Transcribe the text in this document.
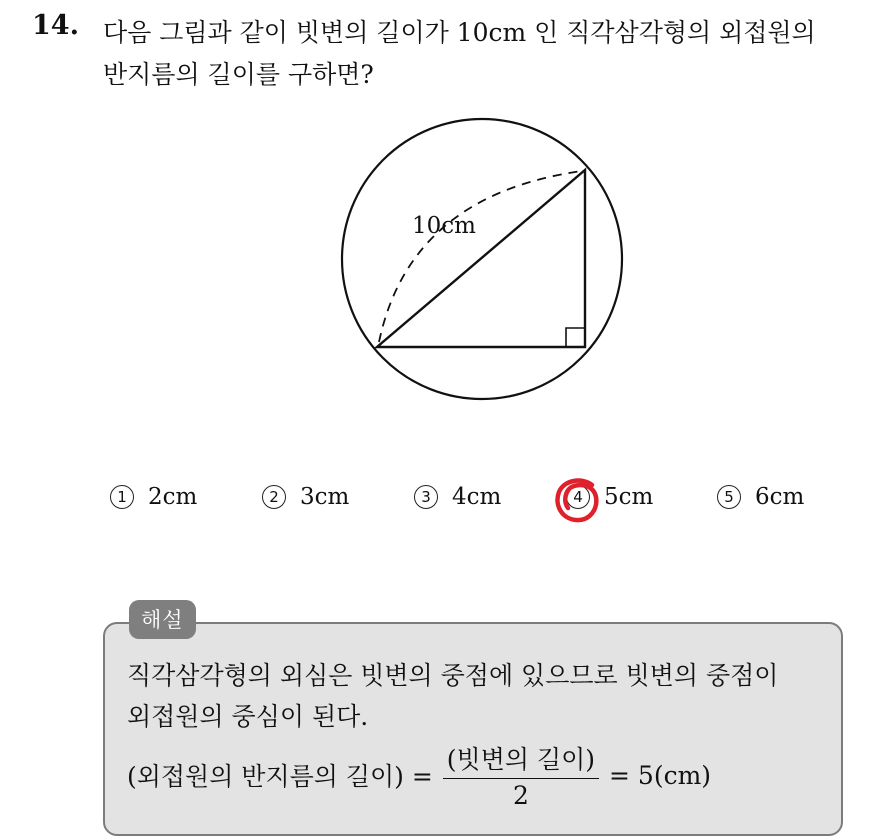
14. 다음 그림과 같이 빗변의 길이가 10cm 인 직각삼각형의 외접원의
반지름의 길이를 구하면?
10cm
1 2cm	2 3cm	3 4cm	4 5cm	5 6cm
해설
직각삼각형의 외심은 빗변의 중점에 있으므로 빗변의 중점이
외접원의 중심이 된다.
(외접원의 반지름의 길이) = $\frac{\text{(빗변의 길이)}}{2} = 5(cm)$
